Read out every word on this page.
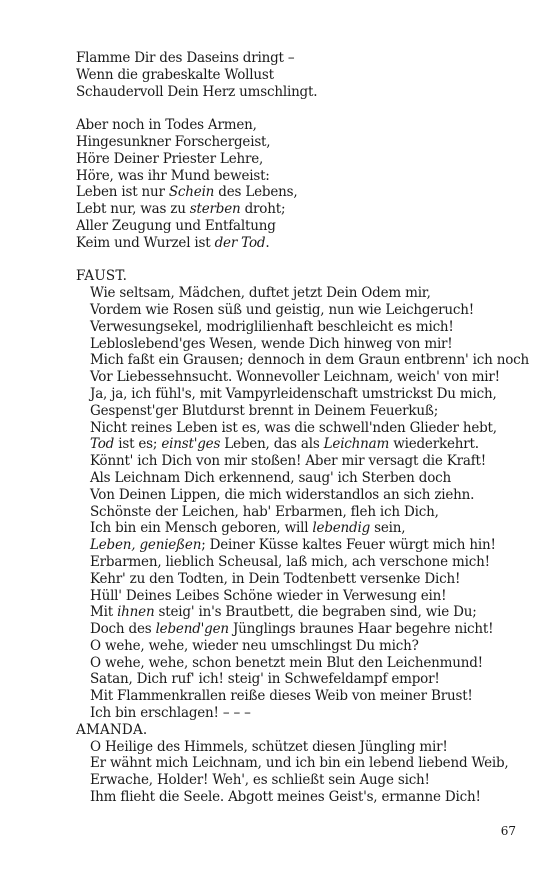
Flamme Dir des Daseins dringt –
Wenn die grabeskalte Wollust
Schaudervoll Dein Herz umschlingt.
Aber noch in Todes Armen,
Hingesunkner Forschergeist,
Höre Deiner Priester Lehre,
Höre, was ihr Mund beweist:
Leben ist nur Schein des Lebens,
Lebt nur, was zu sterben droht;
Aller Zeugung und Entfaltung
Keim und Wurzel ist der Tod.
FAUST.
Wie seltsam, Mädchen, duftet jetzt Dein Odem mir,
Vordem wie Rosen süß und geistig, nun wie Leichgeruch!
Verwesungsekel, modriglilienhaft beschleicht es mich!
Lebloslebend'ges Wesen, wende Dich hinweg von mir!
Mich faßt ein Grausen; dennoch in dem Graun entbrenn' ich noch
Vor Liebessehnsucht. Wonnevoller Leichnam, weich' von mir!
Ja, ja, ich fühl's, mit Vampyrleidenschaft umstrickst Du mich,
Gespenst'ger Blutdurst brennt in Deinem Feuerkuß;
Nicht reines Leben ist es, was die schwell'nden Glieder hebt,
Tod ist es; einst'ges Leben, das als Leichnam wiederkehrt.
Könnt' ich Dich von mir stoßen! Aber mir versagt die Kraft!
Als Leichnam Dich erkennend, saug' ich Sterben doch
Von Deinen Lippen, die mich widerstandlos an sich ziehn.
Schönste der Leichen, hab' Erbarmen, fleh ich Dich,
Ich bin ein Mensch geboren, will lebendig sein,
Leben, genießen; Deiner Küsse kaltes Feuer würgt mich hin!
Erbarmen, lieblich Scheusal, laß mich, ach verschone mich!
Kehr' zu den Todten, in Dein Todtenbett versenke Dich!
Hüll' Deines Leibes Schöne wieder in Verwesung ein!
Mit ihnen steig' in's Brautbett, die begraben sind, wie Du;
Doch des lebend'gen Jünglings braunes Haar begehre nicht!
O wehe, wehe, wieder neu umschlingst Du mich?
O wehe, wehe, schon benetzt mein Blut den Leichenmund!
Satan, Dich ruf' ich! steig' in Schwefeldampf empor!
Mit Flammenkrallen reiße dieses Weib von meiner Brust!
Ich bin erschlagen! – – –
AMANDA.
O Heilige des Himmels, schützet diesen Jüngling mir!
Er wähnt mich Leichnam, und ich bin ein lebend liebend Weib,
Erwache, Holder! Weh', es schließt sein Auge sich!
Ihm flieht die Seele. Abgott meines Geist's, ermanne Dich!
67
